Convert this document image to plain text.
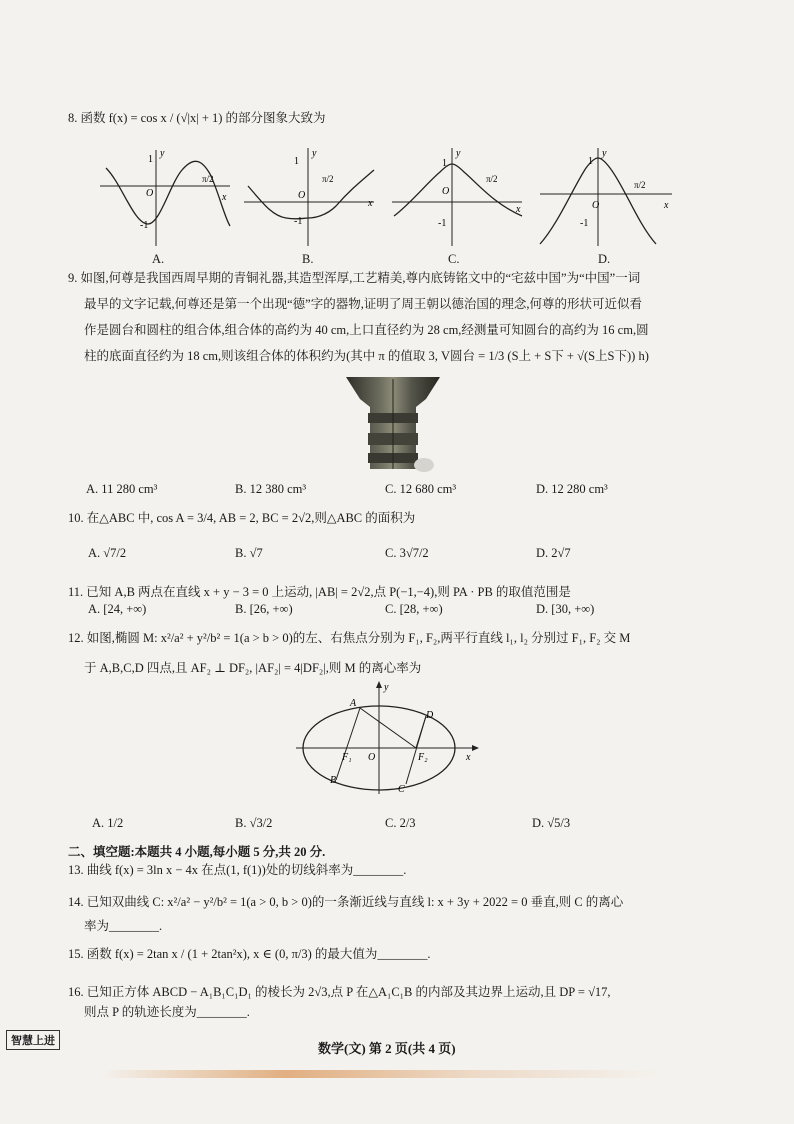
8. 函数 f(x) = cos x / (√|x| + 1) 的部分图象大致为
1
O
-1
π/2
x
y
A.
1
O
-1
π/2
x
y
B.
1
O
-1
π/2
x
y
C.
1
O
-1
π/2
x
y
D.
9. 如图,何尊是我国西周早期的青铜礼器,其造型浑厚,工艺精美,尊内底铸铭文中的“宅兹中国”为“中国”一词
最早的文字记载,何尊还是第一个出现“德”字的器物,证明了周王朝以德治国的理念,何尊的形状可近似看
作是圆台和圆柱的组合体,组合体的高约为 40 cm,上口直径约为 28 cm,经测量可知圆台的高约为 16 cm,圆
柱的底面直径约为 18 cm,则该组合体的体积约为(其中 π 的值取 3, V圆台 = 1/3 (S上 + S下 + √(S上S下)) h)
A. 11 280 cm³	B. 12 380 cm³	C. 12 680 cm³	D. 12 280 cm³
10. 在△ABC 中, cos A = 3/4, AB = 2, BC = 2√2,则△ABC 的面积为
A. √7/2	B. √7	C. 3√7/2	D. 2√7
11. 已知 A,B 两点在直线 x + y − 3 = 0 上运动, |AB| = 2√2,点 P(−1,−4),则 PA · PB 的取值范围是
A. [24, +∞)	B. [26, +∞)	C. [28, +∞)	D. [30, +∞)
12. 如图,椭圆 M: x²/a² + y²/b² = 1(a > b > 0)的左、右焦点分别为 F₁, F₂,两平行直线 l₁, l₂ 分别过 F₁, F₂ 交 M
于 A,B,C,D 四点,且 AF₂ ⊥ DF₂, |AF₂| = 4|DF₂|,则 M 的离心率为
A
D
B
C
F₁	F₂
O	x
y
A. 1/2	B. √3/2	C. 2/3	D. √5/3
二、填空题:本题共 4 小题,每小题 5 分,共 20 分.
13. 曲线 f(x) = 3ln x − 4x 在点(1, f(1))处的切线斜率为________.
14. 已知双曲线 C: x²/a² − y²/b² = 1(a > 0, b > 0)的一条渐近线与直线 l: x + 3y + 2022 = 0 垂直,则 C 的离心
率为________.
15. 函数 f(x) = 2tan x / (1 + 2tan²x), x ∈ (0, π/3) 的最大值为________.
16. 已知正方体 ABCD − A₁B₁C₁D₁ 的棱长为 2√3,点 P 在△A₁C₁B 的内部及其边界上运动,且 DP = √17,
则点 P 的轨迹长度为________.
智慧上进	数学(文) 第 2 页(共 4 页)
